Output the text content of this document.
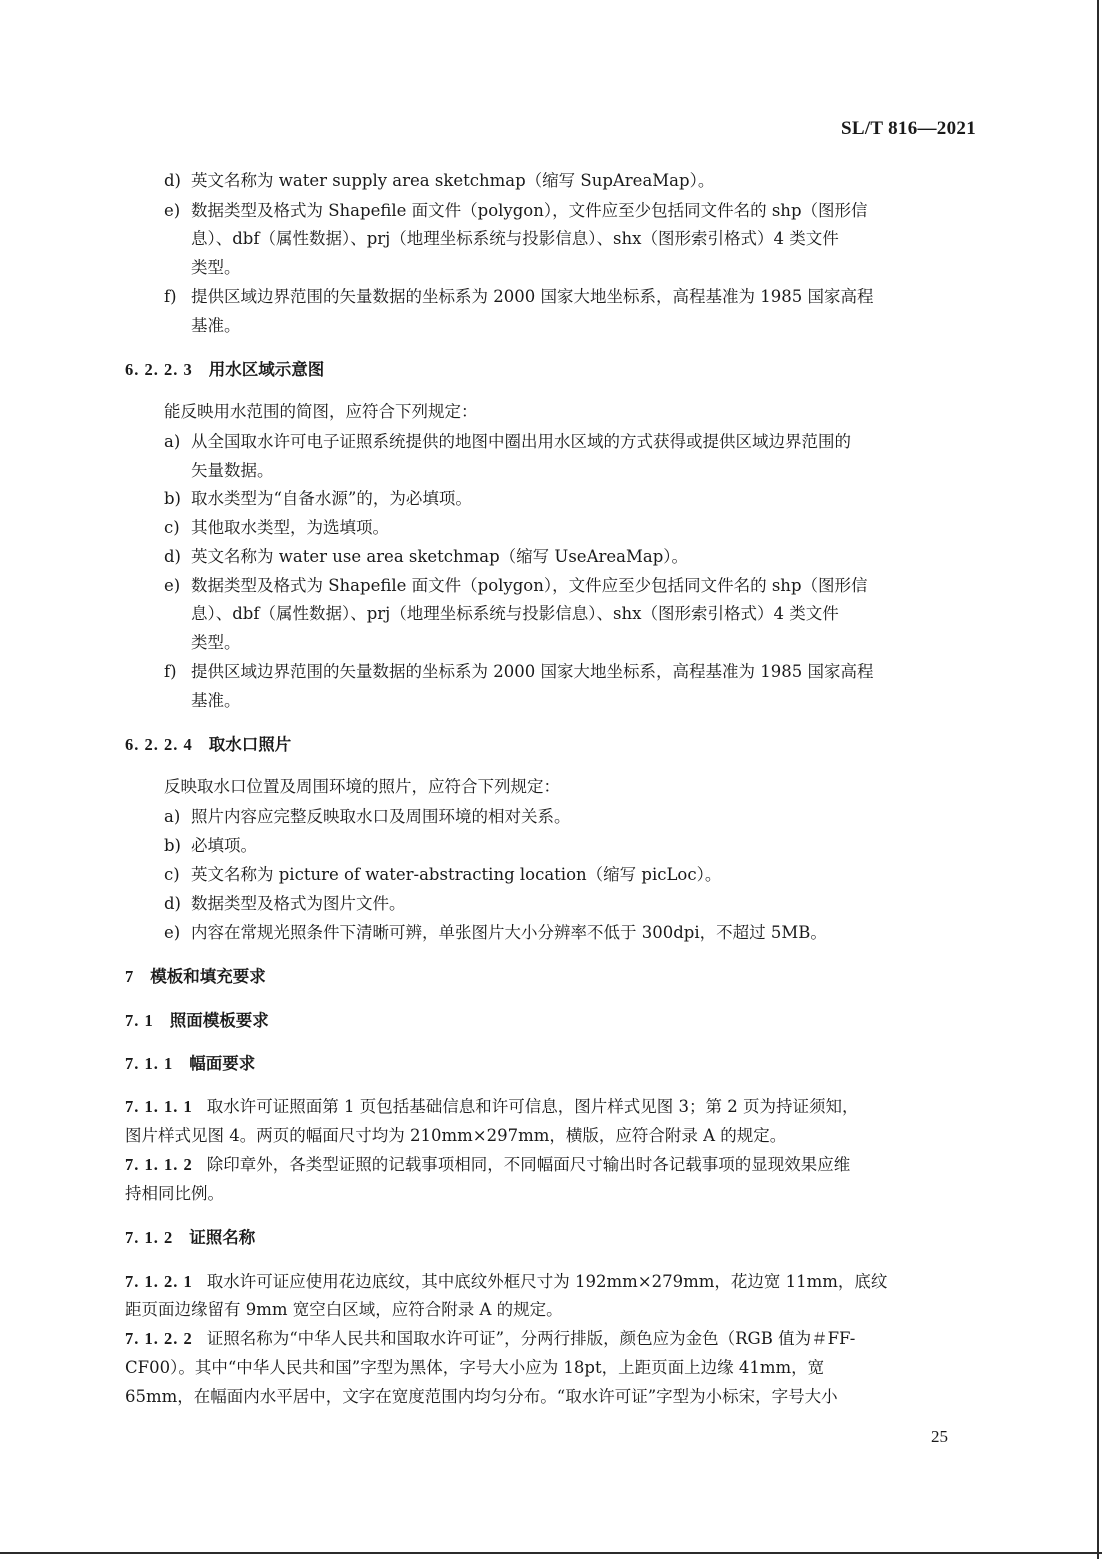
SL/T 816—2021
d) 英文名称为 water supply area sketchmap（缩写 SupAreaMap）。
e) 数据类型及格式为 Shapefile 面文件（polygon），文件应至少包括同文件名的 shp（图形信
息）、dbf（属性数据）、prj（地理坐标系统与投影信息）、shx（图形索引格式）4 类文件
类型。
f) 提供区域边界范围的矢量数据的坐标系为 2000 国家大地坐标系，高程基准为 1985 国家高程
基准。
6. 2. 2. 3 用水区域示意图
能反映用水范围的简图，应符合下列规定：
a) 从全国取水许可电子证照系统提供的地图中圈出用水区域的方式获得或提供区域边界范围的
矢量数据。
b) 取水类型为“自备水源”的，为必填项。
c) 其他取水类型，为选填项。
d) 英文名称为 water use area sketchmap（缩写 UseAreaMap）。
e) 数据类型及格式为 Shapefile 面文件（polygon），文件应至少包括同文件名的 shp（图形信
息）、dbf（属性数据）、prj（地理坐标系统与投影信息）、shx（图形索引格式）4 类文件
类型。
f) 提供区域边界范围的矢量数据的坐标系为 2000 国家大地坐标系，高程基准为 1985 国家高程
基准。
6. 2. 2. 4 取水口照片
反映取水口位置及周围环境的照片，应符合下列规定：
a) 照片内容应完整反映取水口及周围环境的相对关系。
b) 必填项。
c) 英文名称为 picture of water-abstracting location（缩写 picLoc）。
d) 数据类型及格式为图片文件。
e) 内容在常规光照条件下清晰可辨，单张图片大小分辨率不低于 300dpi，不超过 5MB。
7 模板和填充要求
7. 1 照面模板要求
7. 1. 1 幅面要求
7. 1. 1. 1 取水许可证照面第 1 页包括基础信息和许可信息，图片样式见图 3；第 2 页为持证须知，
图片样式见图 4。两页的幅面尺寸均为 210mm×297mm，横版，应符合附录 A 的规定。
7. 1. 1. 2 除印章外，各类型证照的记载事项相同，不同幅面尺寸输出时各记载事项的显现效果应维
持相同比例。
7. 1. 2 证照名称
7. 1. 2. 1 取水许可证应使用花边底纹，其中底纹外框尺寸为 192mm×279mm，花边宽 11mm，底纹
距页面边缘留有 9mm 宽空白区域，应符合附录 A 的规定。
7. 1. 2. 2 证照名称为“中华人民共和国取水许可证”，分两行排版，颜色应为金色（RGB 值为＃FF-
CF00）。其中“中华人民共和国”字型为黑体，字号大小应为 18pt，上距页面上边缘 41mm，宽
65mm，在幅面内水平居中，文字在宽度范围内均匀分布。“取水许可证”字型为小标宋，字号大小
25
